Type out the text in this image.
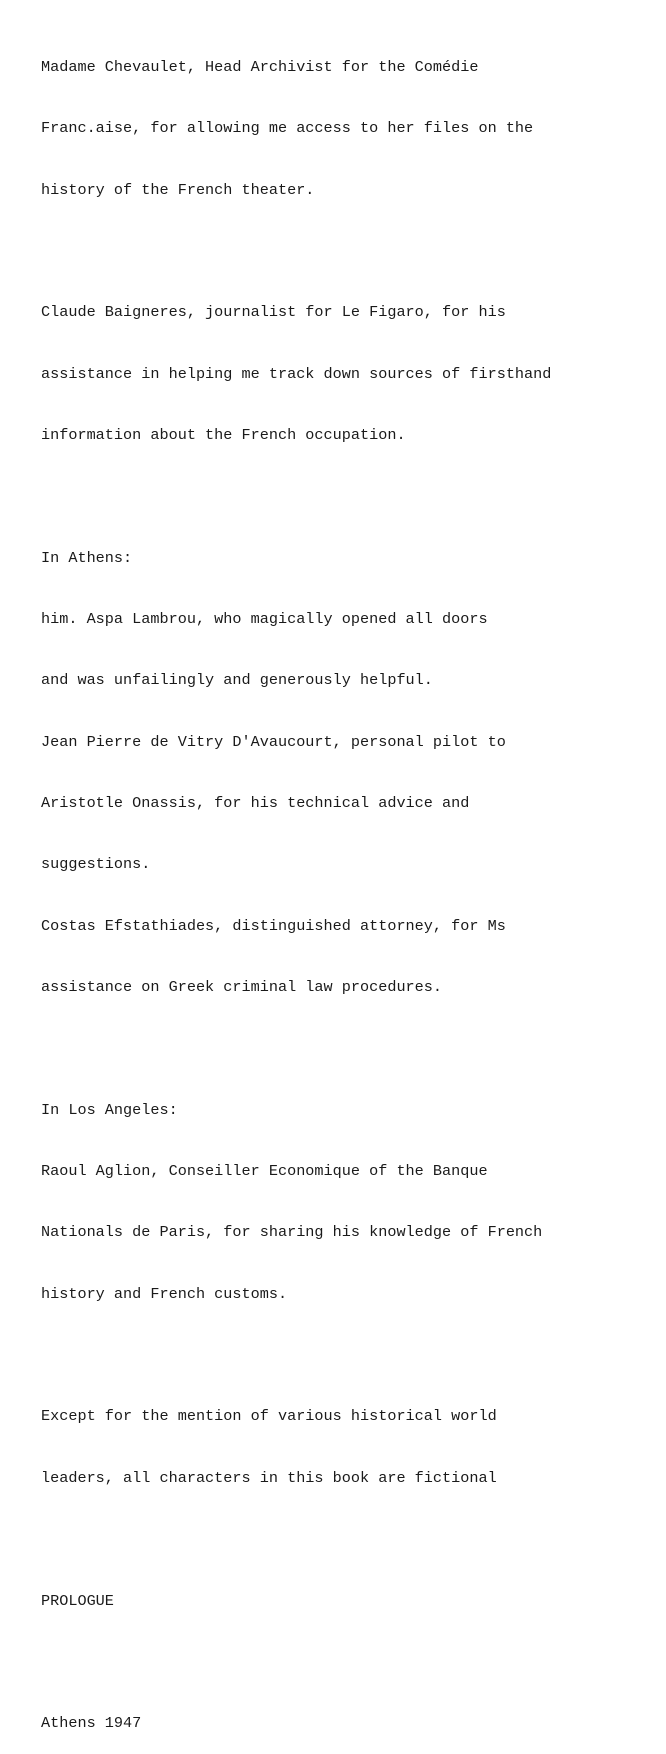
Madame Chevaulet, Head Archivist for the Comédie

Franc.aise, for allowing me access to her files on the

history of the French theater.

Claude Baigneres, journalist for Le Figaro, for his

assistance in helping me track down sources of firsthand

information about the French occupation.

In Athens:

him. Aspa Lambrou, who magically opened all doors

and was unfailingly and generously helpful.

Jean Pierre de Vitry D'Avaucourt, personal pilot to

Aristotle Onassis, for his technical advice and

suggestions.

Costas Efstathiades, distinguished attorney, for Ms

assistance on Greek criminal law procedures.

In Los Angeles:

Raoul Aglion, Conseiller Economique of the Banque

Nationals de Paris, for sharing his knowledge of French

history and French customs.

Except for the mention of various historical world

leaders, all characters in this book are fictional

PROLOGUE

Athens 1947
